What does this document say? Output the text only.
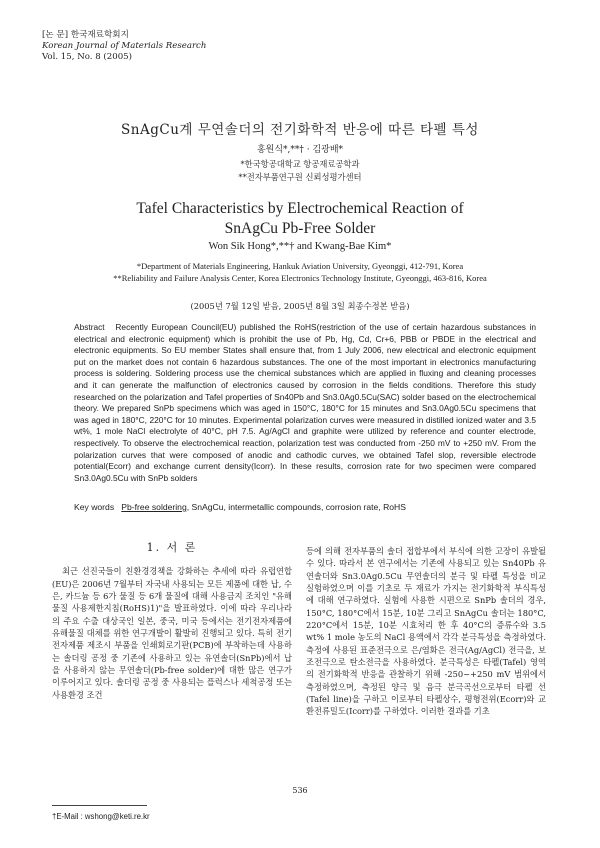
[논 문] 한국재료학회지
Korean Journal of Materials Research
Vol. 15, No. 8 (2005)
SnAgCu계 무연솔더의 전기화학적 반응에 따른 타펠 특성
홍원식*,**† · 김광배*
*한국항공대학교 항공재료공학과
**전자부품연구원 신뢰성평가센터
Tafel Characteristics by Electrochemical Reaction of
SnAgCu Pb-Free Solder
Won Sik Hong*,**† and Kwang-Bae Kim*
*Department of Materials Engineering, Hankuk Aviation University, Gyeonggi, 412-791, Korea
**Reliability and Failure Analysis Center, Korea Electronics Technology Institute, Gyeonggi, 463-816, Korea
(2005년 7월 12일 받음, 2005년 8월 3일 최종수정본 받음)
Abstract Recently European Council(EU) published the RoHS(restriction of the use of certain hazardous substances in electrical and electronic equipment) which is prohibit the use of Pb, Hg, Cd, Cr+6, PBB or PBDE in the electrical and electronic equipments. So EU member States shall ensure that, from 1 July 2006, new electrical and electronic equipment put on the market does not contain 6 hazardous substances. The one of the most important in electronics manufacturing process is soldering. Soldering process use the chemical substances which are applied in fluxing and cleaning processes and it can generate the malfunction of electronics caused by corrosion in the fields conditions. Therefore this study researched on the polarization and Tafel properties of Sn40Pb and Sn3.0Ag0.5Cu(SAC) solder based on the electrochemical theory. We prepared SnPb specimens which was aged in 150°C, 180°C for 15 minutes and Sn3.0Ag0.5Cu specimens that was aged in 180°C, 220°C for 10 minutes. Experimental polarization curves were measured in distilled ionized water and 3.5 wt%, 1 mole NaCl electrolyte of 40°C, pH 7.5. Ag/AgCl and graphite were utilized by reference and counter electrode, respectively. To observe the electrochemical reaction, polarization test was conducted from -250 mV to +250 mV. From the polarization curves that were composed of anodic and cathodic curves, we obtained Tafel slop, reversible electrode potential(Ecorr) and exchange current density(Icorr). In these results, corrosion rate for two specimen were compared Sn3.0Ag0.5Cu with SnPb solders
Key words Pb-free soldering, SnAgCu, intermetallic compounds, corrosion rate, RoHS
1. 서 론

최근 선진국들이 친환경경책을 강화하는 추세에 따라 유럽연합(EU)은 2006년 7월부터 자국내 사용되는 모든 제품에 대한 납, 수은, 카드늄 등 6가 물질 등 6개 물질에 대해 사용금지 조치인 "유해물질 사용제한지침(RoHS)1)"을 발표하였다. 이에 따라 우리나라의 주요 수출 대상국인 일본, 중국, 미국 등에서는 전기전자제품에 유해물질 대체를 위한 연구개발이 활발히 진행되고 있다. 특히 전기전자제품 제조시 부품을 인쇄회로기판(PCB)에 부착하는데 사용하는 솔더링 공정 중 기존에 사용하고 있는 유연솔더(SnPb)에서 납을 사용하지 않는 무연솔더(Pb-free solder)에 대한 많은 연구가 이루어지고 있다. 솔더링 공정 중 사용되는 플럭스나 세척공정 또는 사용환경 조건

등에 의해 전자부품의 솔더 접합부에서 부식에 의한 고장이 유발될 수 있다. 따라서 본 연구에서는 기존에 사용되고 있는 Sn40Pb 유연솔더와 Sn3.0Ag0.5Cu 무연솔더의 분극 및 타펠 특성을 비교 실험하였으며 이를 기초로 두 재료가 가지는 전기화학적 부식특성에 대해 연구하였다. 실험에 사용한 시편으로 SnPb 솔더의 경우, 150°C, 180°C에서 15분, 10분 그리고 SnAgCu 솔더는 180°C, 220°C에서 15분, 10분 시효처리 한 후 40°C의 증류수와 3.5 wt% 1 mole 농도의 NaCl 용액에서 각각 분극특성을 측정하였다. 측정에 사용된 표준전극으로 은/염화은 전극(Ag/AgCl) 전극을, 보조전극으로 탄소전극을 사용하였다. 분극특성은 타펠(Tafel) 영역의 전기화학적 반응을 관찰하기 위해 -250~+250 mV 범위에서 측정하였으며, 측정된 양극 및 음극 분극곡선으로부터 타펠 선(Tafel line)을 구하고 이로부터 타펠상수, 평형전위(Ecorr)와 교환전류밀도(Icorr)를 구하였다. 이러한 결과를 기초

536
†E-Mail : wshong@keti.re.kr
